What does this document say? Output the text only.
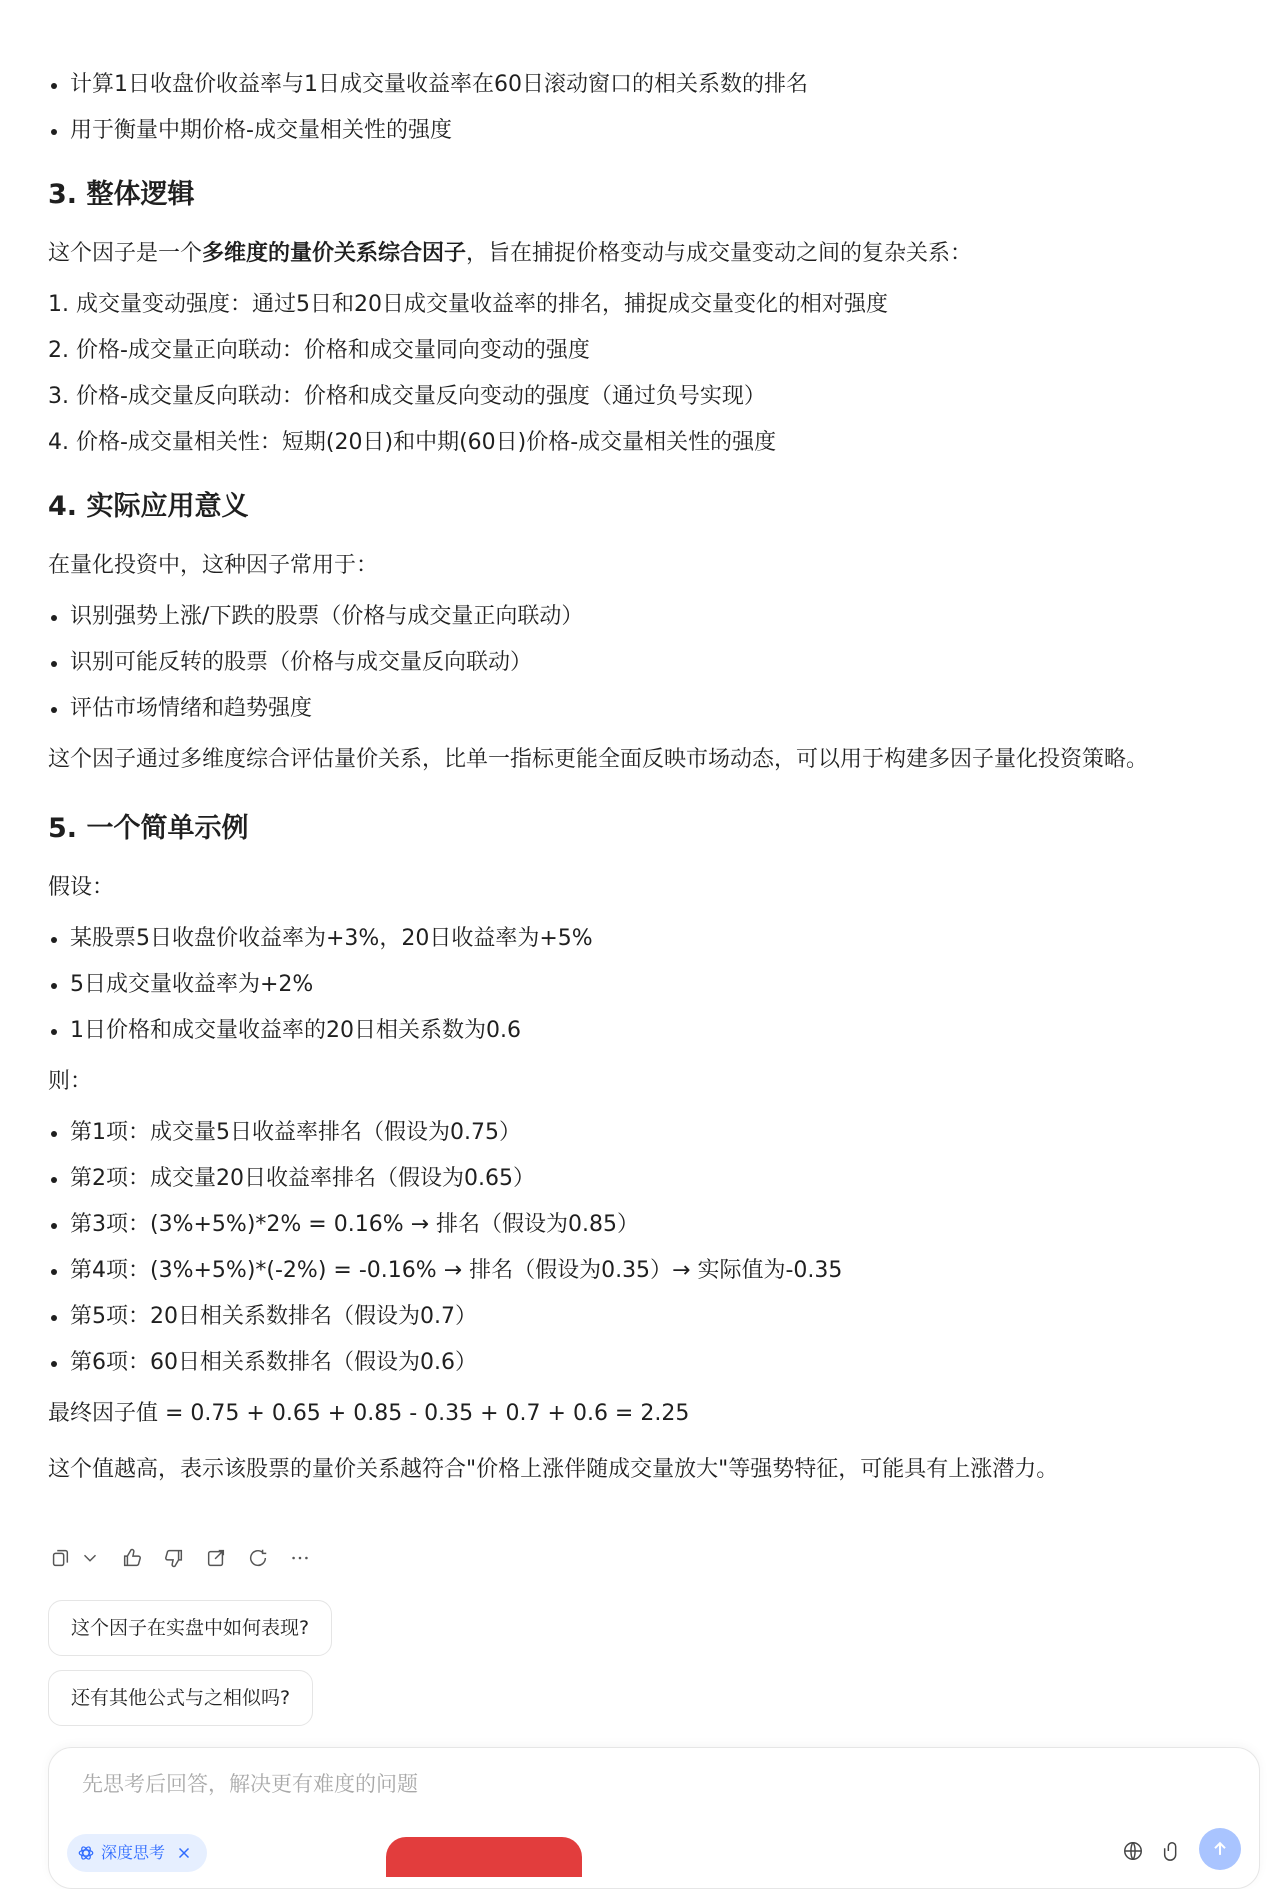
计算1日收盘价收益率与1日成交量收益率在60日滚动窗口的相关系数的排名
用于衡量中期价格-成交量相关性的强度
3. 整体逻辑

这个因子是一个多维度的量价关系综合因子，旨在捕捉价格变动与成交量变动之间的复杂关系：

1. 成交量变动强度：通过5日和20日成交量收益率的排名，捕捉成交量变化的相对强度
2. 价格-成交量正向联动：价格和成交量同向变动的强度
3. 价格-成交量反向联动：价格和成交量反向变动的强度（通过负号实现）
4. 价格-成交量相关性：短期(20日)和中期(60日)价格-成交量相关性的强度
4. 实际应用意义

在量化投资中，这种因子常用于：

识别强势上涨/下跌的股票（价格与成交量正向联动）
识别可能反转的股票（价格与成交量反向联动）
评估市场情绪和趋势强度

这个因子通过多维度综合评估量价关系，比单一指标更能全面反映市场动态，可以用于构建多因子量化投资策略。

5. 一个简单示例

假设：

某股票5日收盘价收益率为+3%，20日收益率为+5%
5日成交量收益率为+2%
1日价格和成交量收益率的20日相关系数为0.6

则：

第1项：成交量5日收益率排名（假设为0.75）
第2项：成交量20日收益率排名（假设为0.65）
第3项：(3%+5%)*2% = 0.16% → 排名（假设为0.85）
第4项：(3%+5%)*(-2%) = -0.16% → 排名（假设为0.35）→ 实际值为-0.35
第5项：20日相关系数排名（假设为0.7）
第6项：60日相关系数排名（假设为0.6）

最终因子值 = 0.75 + 0.65 + 0.85 - 0.35 + 0.7 + 0.6 = 2.25

这个值越高，表示该股票的量价关系越符合"价格上涨伴随成交量放大"等强势特征，可能具有上涨潜力。

这个因子在实盘中如何表现?
还有其他公式与之相似吗?
先思考后回答，解决更有难度的问题
深度思考
